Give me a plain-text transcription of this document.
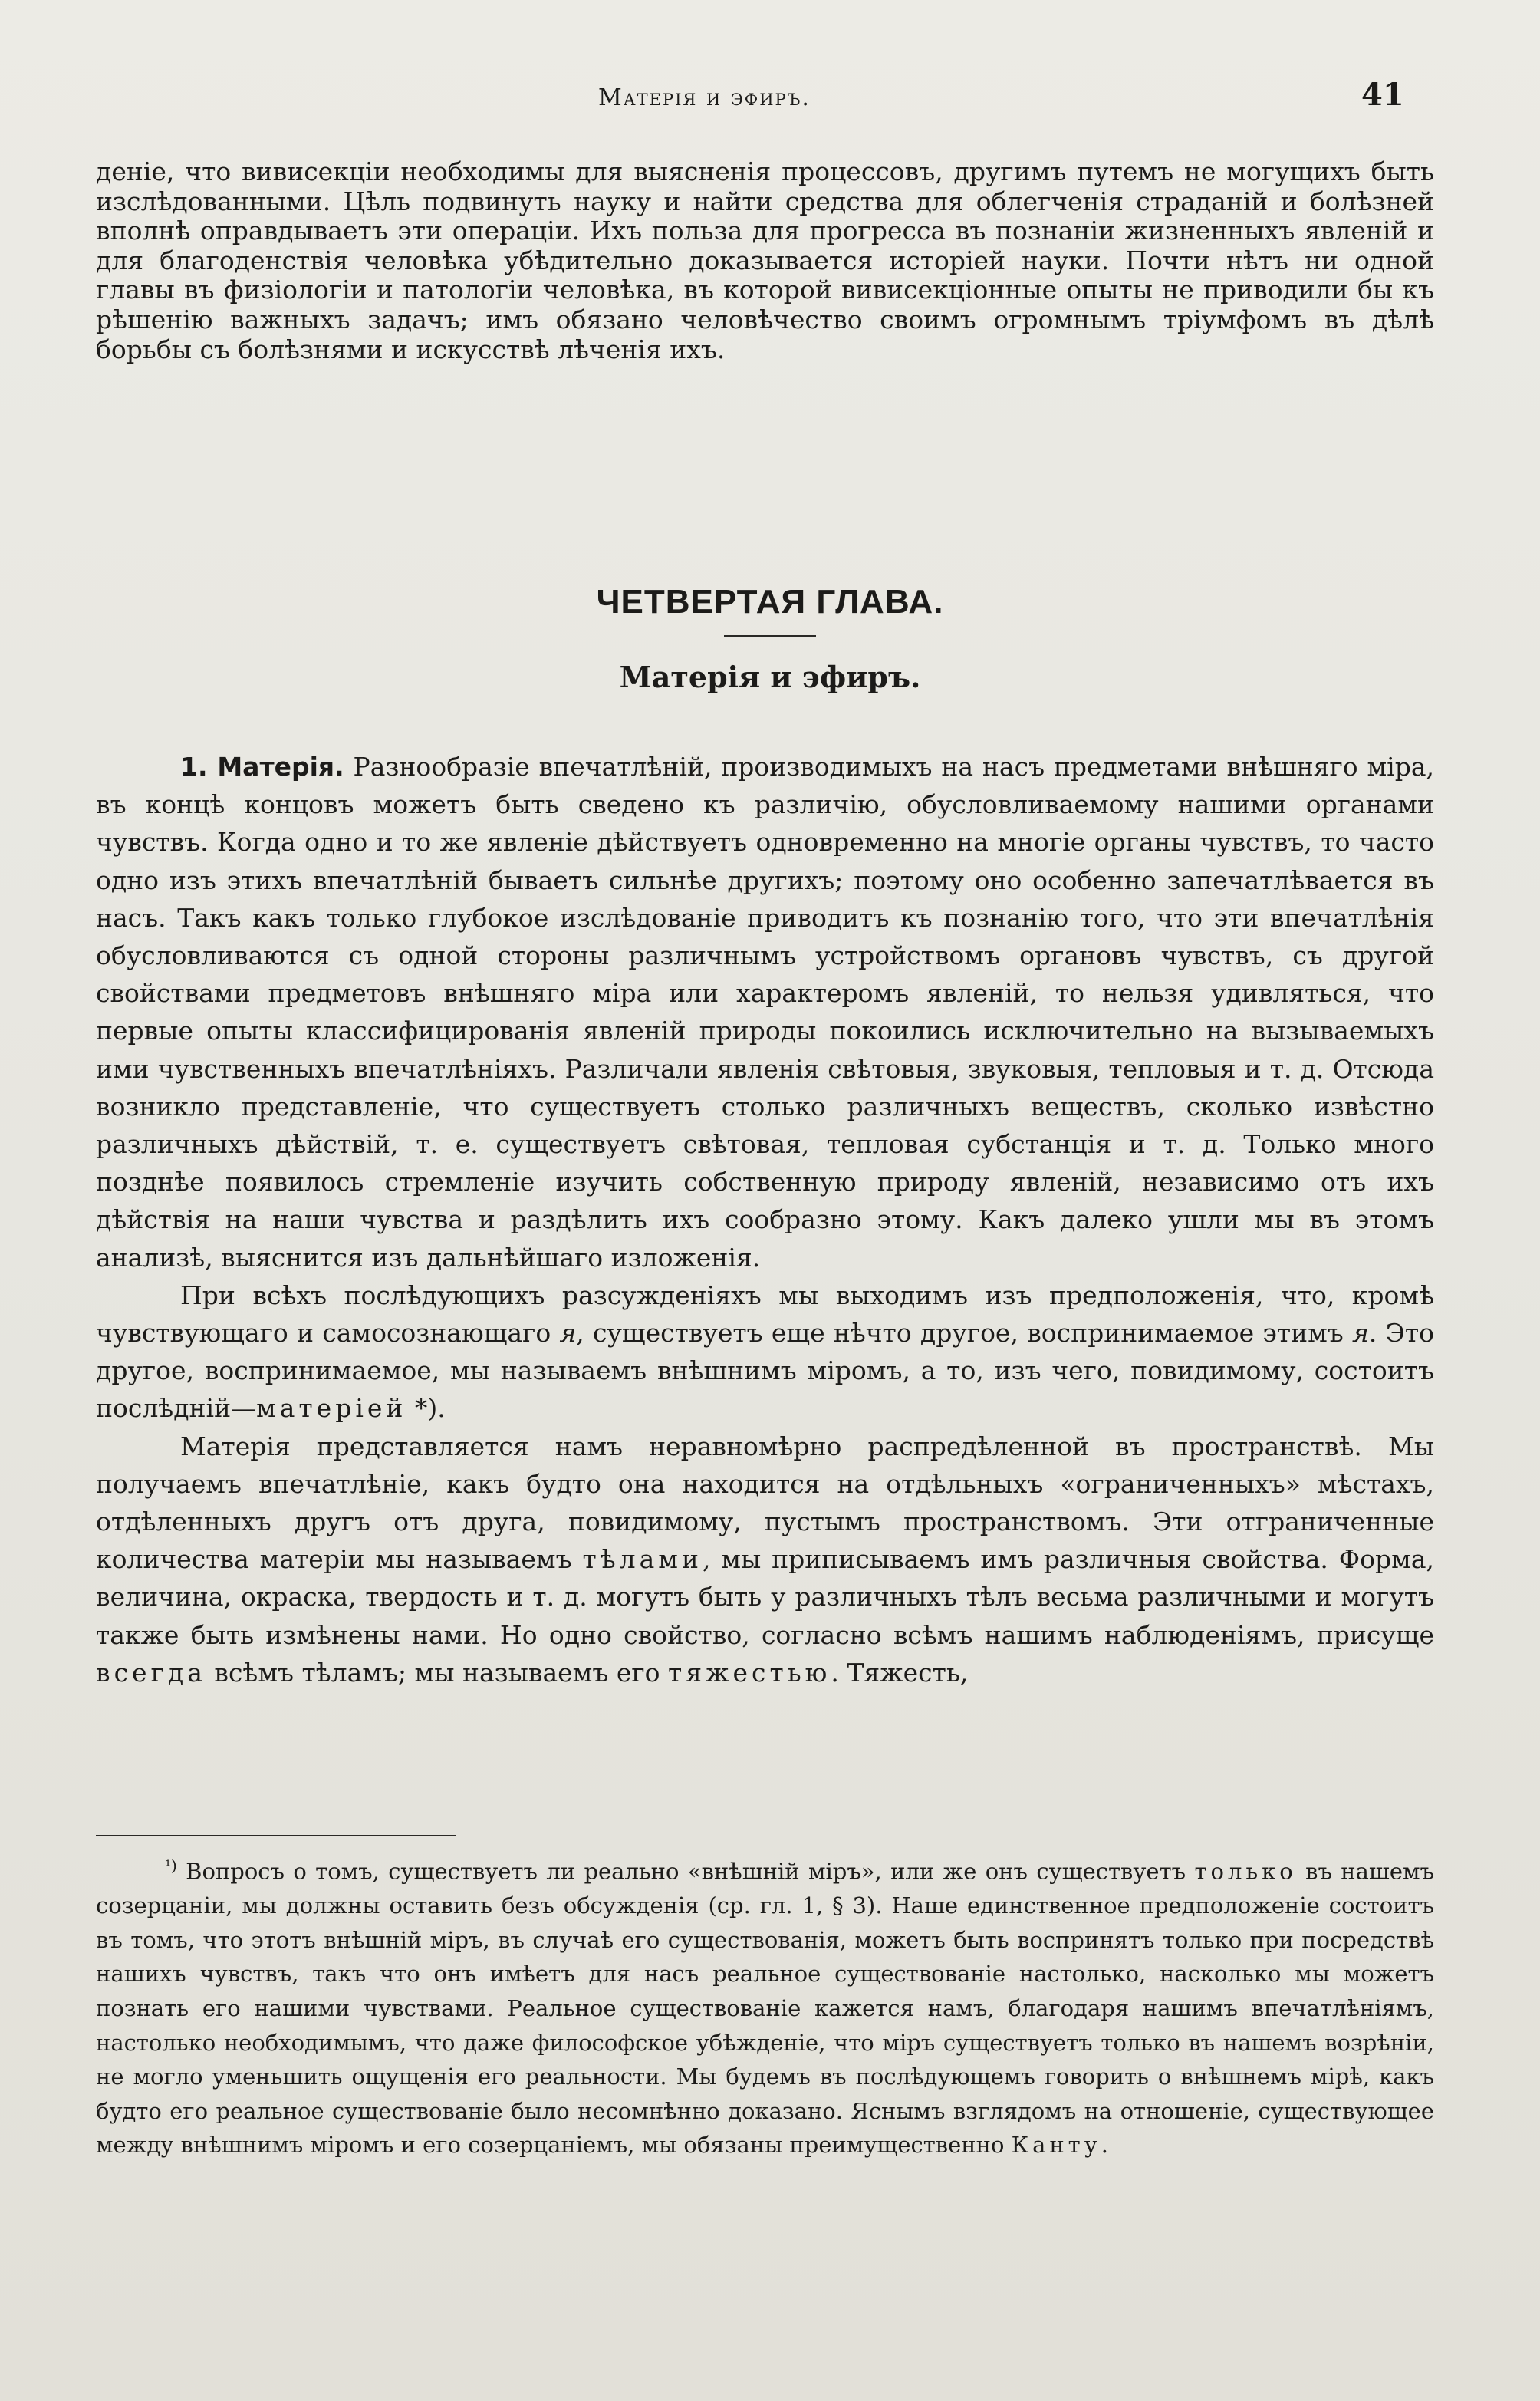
Матерія и эфиръ.	41

деніе, что вивисекціи необходимы для выясненія процессовъ, другимъ путемъ не могущихъ быть изслѣдованными. Цѣль подвинуть науку и найти средства для облегченія страданій и болѣзней вполнѣ оправдываетъ эти операціи. Ихъ польза для прогресса въ познаніи жизненныхъ явленій и для благоденствія человѣка убѣдительно доказывается исторіей науки. Почти нѣтъ ни одной главы въ физіологіи и патологіи человѣка, въ которой вивисекціонные опыты не приводили бы къ рѣшенію важныхъ задачъ; имъ обязано человѣчество своимъ огромнымъ тріумфомъ въ дѣлѣ борьбы съ болѣзнями и искусствѣ лѣченія ихъ.

ЧЕТВЕРТАЯ ГЛАВА.
Матерія и эфиръ.

1. Матерія. Разнообразіе впечатлѣній, производимыхъ на насъ предметами внѣшняго міра, въ концѣ концовъ можетъ быть сведено къ различію, обусловливаемому нашими органами чувствъ. Когда одно и то же явленіе дѣйствуетъ одновременно на многіе органы чувствъ, то часто одно изъ этихъ впечатлѣній бываетъ сильнѣе другихъ; поэтому оно особенно запечатлѣвается въ насъ. Такъ какъ только глубокое изслѣдованіе приводитъ къ познанію того, что эти впечатлѣнія обусловливаются съ одной стороны различнымъ устройствомъ органовъ чувствъ, съ другой свойствами предметовъ внѣшняго міра или характеромъ явленій, то нельзя удивляться, что первые опыты классифицированія явленій природы покоились исключительно на вызываемыхъ ими чувственныхъ впечатлѣніяхъ. Различали явленія свѣтовыя, звуковыя, тепловыя и т. д. Отсюда возникло представленіе, что существуетъ столько различныхъ веществъ, сколько извѣстно различныхъ дѣйствій, т. е. существуетъ свѣтовая, тепловая субстанція и т. д. Только много позднѣе появилось стремленіе изучить собственную природу явленій, независимо отъ ихъ дѣйствія на наши чувства и раздѣлить ихъ сообразно этому. Какъ далеко ушли мы въ этомъ анализѣ, выяснится изъ дальнѣйшаго изложенія.

При всѣхъ послѣдующихъ разсужденіяхъ мы выходимъ изъ предположенія, что, кромѣ чувствующаго и самосознающаго я, существуетъ еще нѣчто другое, воспринимаемое этимъ я. Это другое, воспринимаемое, мы называемъ внѣшнимъ міромъ, а то, изъ чего, повидимому, состоитъ послѣдній—матеріей *).

Матерія представляется намъ неравномѣрно распредѣленной въ пространствѣ. Мы получаемъ впечатлѣніе, какъ будто она находится на отдѣльныхъ «ограниченныхъ» мѣстахъ, отдѣленныхъ другъ отъ друга, повидимому, пустымъ пространствомъ. Эти отграниченные количества матеріи мы называемъ тѣлами, мы приписываемъ имъ различныя свойства. Форма, величина, окраска, твердость и т. д. могутъ быть у различныхъ тѣлъ весьма различными и могутъ также быть измѣнены нами. Но одно свойство, согласно всѣмъ нашимъ наблюденіямъ, присуще всегда всѣмъ тѣламъ; мы называемъ его тяжестью. Тяжесть,

$^{^1)}$ Вопросъ о томъ, существуетъ ли реально «внѣшній міръ», или же онъ существуетъ только въ нашемъ созерцаніи, мы должны оставить безъ обсужденія (ср. гл. 1, § 3). Наше единственное предположеніе состоитъ въ томъ, что этотъ внѣшній міръ, въ случаѣ его существованія, можетъ быть воспринятъ только при посредствѣ нашихъ чувствъ, такъ что онъ имѣетъ для насъ реальное существованіе настолько, насколько мы можетъ познать его нашими чувствами. Реальное существованіе кажется намъ, благодаря нашимъ впечатлѣніямъ, настолько необходимымъ, что даже философское убѣжденіе, что міръ существуетъ только въ нашемъ возрѣніи, не могло уменьшить ощущенія его реальности. Мы будемъ въ послѣдующемъ говорить о внѣшнемъ мірѣ, какъ будто его реальное существованіе было несомнѣнно доказано. Яснымъ взглядомъ на отношеніе, существующее между внѣшнимъ міромъ и его созерцаніемъ, мы обязаны преимущественно Канту.
